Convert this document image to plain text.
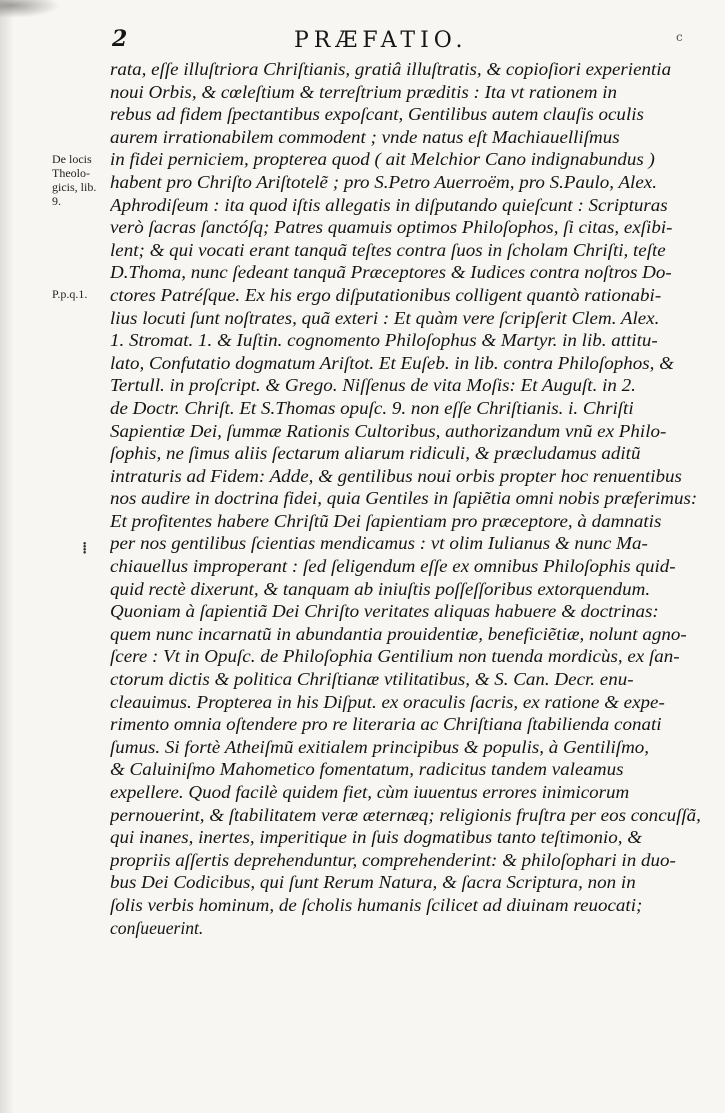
2	PRÆFATIO.	c
De locis Theolo- gicis, lib. 9.
P.p.q.1.
⁞
rata, eſſe illuſtriora Chriſtianis, gratiâ illuſtratis, & copioſiori experientia
noui Orbis, & cœleſtium & terreſtrium præditis : Ita vt rationem in
rebus ad fidem ſpectantibus expoſcant, Gentilibus autem clauſis oculis
aurem irrationabilem commodent ; vnde natus eſt Machiauelliſmus
in fidei perniciem, propterea quod ( ait Melchior Cano indignabundus )
habent pro Chriſto Ariſtotelẽ ; pro S.Petro Auerroëm, pro S.Paulo, Alex.
Aphrodiſeum : ita quod iſtis allegatis in diſputando quieſcunt : Scripturas
verò ſacras ſanctóſq; Patres quamuis optimos Philoſophos, ſi citas, exſibi-
lent; & qui vocati erant tanquã teſtes contra ſuos in ſcholam Chriſti, teſte
D.Thoma, nunc ſedeant tanquã Præceptores & Iudices contra noſtros Do-
ctores Patréſque. Ex his ergo diſputationibus colligent quantò rationabi-
lius locuti ſunt noſtrates, quã exteri : Et quàm vere ſcripſerit Clem. Alex.
1. Stromat. 1. & Iuſtin. cognomento Philoſophus & Martyr. in lib. attitu-
lato, Confutatio dogmatum Ariſtot. Et Euſeb. in lib. contra Philoſophos, &
Tertull. in proſcript. & Grego. Niſſenus de vita Moſis: Et Auguſt. in 2.
de Doctr. Chriſt. Et S.Thomas opuſc. 9. non eſſe Chriſtianis. i. Chriſti
Sapientiæ Dei, ſummæ Rationis Cultoribus, authorizandum vnũ ex Philo-
ſophis, ne ſimus aliis ſectarum aliarum ridiculi, & præcludamus aditũ
intraturis ad Fidem: Adde, & gentilibus noui orbis propter hoc renuentibus
nos audire in doctrina fidei, quia Gentiles in ſapiẽtia omni nobis præferimus:
Et profitentes habere Chriſtũ Dei ſapientiam pro præceptore, à damnatis
per nos gentilibus ſcientias mendicamus : vt olim Iulianus & nunc Ma-
chiauellus improperant : ſed ſeligendum eſſe ex omnibus Philoſophis quid-
quid rectè dixerunt, & tanquam ab iniuſtis poſſeſſoribus extorquendum.
Quoniam à ſapientiã Dei Chriſto veritates aliquas habuere & doctrinas:
quem nunc incarnatũ in abundantia prouidentiæ, beneficiẽtiæ, nolunt agno-
ſcere : Vt in Opuſc. de Philoſophia Gentilium non tuenda mordicùs, ex ſan-
ctorum dictis & politica Chriſtianæ vtilitatibus, & S. Can. Decr. enu-
cleauimus. Propterea in his Diſput. ex oraculis ſacris, ex ratione & expe-
rimento omnia oſtendere pro re literaria ac Chriſtiana ſtabilienda conati
ſumus. Si fortè Atheiſmũ exitialem principibus & populis, à Gentiliſmo,
& Caluiniſmo Mahometico fomentatum, radicitus tandem valeamus
expellere. Quod facilè quidem fiet, cùm iuuentus errores inimicorum
pernouerint, & ſtabilitatem veræ æternæq; religionis fruſtra per eos concuſſã,
qui inanes, inertes, imperitique in ſuis dogmatibus tanto teſtimonio, &
propriis aſſertis deprehenduntur, comprehenderint: & philoſophari in duo-
bus Dei Codicibus, qui ſunt Rerum Natura, & ſacra Scriptura, non in
ſolis verbis hominum, de ſcholis humanis ſcilicet ad diuinam reuocati;
conſueuerint.
